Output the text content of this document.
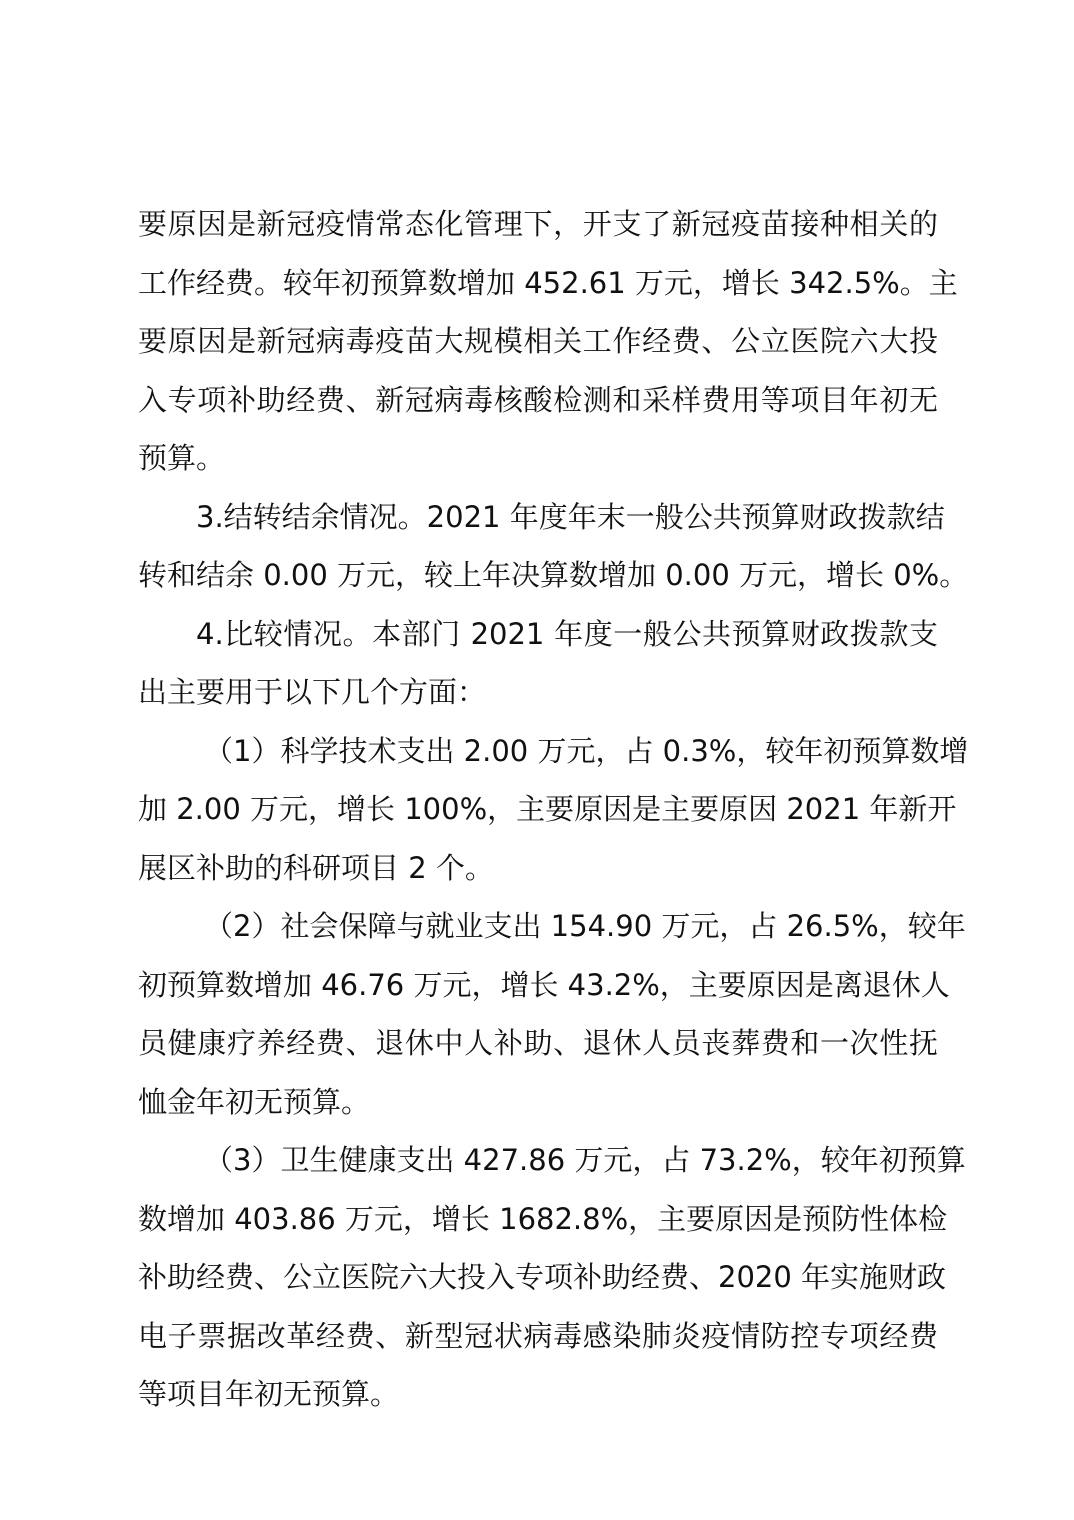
要原因是新冠疫情常态化管理下，开支了新冠疫苗接种相关的
工作经费。较年初预算数增加 452.61 万元，增长 342.5%。主
要原因是新冠病毒疫苗大规模相关工作经费、公立医院六大投
入专项补助经费、新冠病毒核酸检测和采样费用等项目年初无
预算。
3.结转结余情况。2021 年度年末一般公共预算财政拨款结
转和结余 0.00 万元，较上年决算数增加 0.00 万元，增长 0%。
4.比较情况。本部门 2021 年度一般公共预算财政拨款支
出主要用于以下几个方面：
（1）科学技术支出 2.00 万元，占 0.3%，较年初预算数增
加 2.00 万元，增长 100%，主要原因是主要原因 2021 年新开
展区补助的科研项目 2 个。
（2）社会保障与就业支出 154.90 万元，占 26.5%，较年
初预算数增加 46.76 万元，增长 43.2%，主要原因是离退休人
员健康疗养经费、退休中人补助、退休人员丧葬费和一次性抚
恤金年初无预算。
（3）卫生健康支出 427.86 万元，占 73.2%，较年初预算
数增加 403.86 万元，增长 1682.8%，主要原因是预防性体检
补助经费、公立医院六大投入专项补助经费、2020 年实施财政
电子票据改革经费、新型冠状病毒感染肺炎疫情防控专项经费
等项目年初无预算。
